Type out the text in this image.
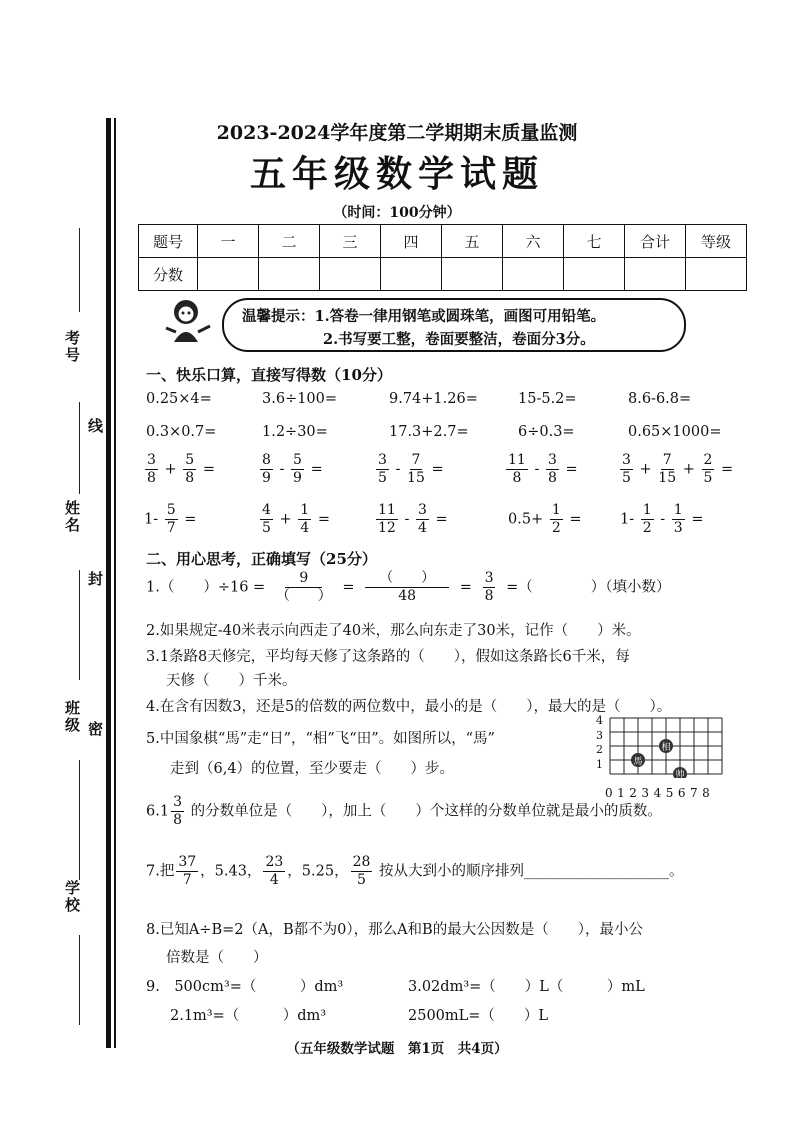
考号
线
姓名
封
班级 密
学校
2023-2024学年度第二学期期末质量监测
五年级数学试题
（时间：100分钟）
题号	一	二	三	四	五	六	七	合计	等级
分数									
温馨提示：1.答卷一律用钢笔或圆珠笔，画图可用铅笔。
2.书写要工整，卷面要整洁，卷面分3分。
一、快乐口算，直接写得数（10分）
0.25×4=	3.6÷100=	9.74+1.26=	15-5.2=	8.6-6.8=
0.3×0.7=	1.2÷30=	17.3+2.7=	6÷0.3=	0.65×1000=
$\frac{3}{8} + \frac{5}{8}$ =	$\frac{8}{9} - \frac{5}{9}$ =	$\frac{3}{5} - \frac{7}{15}$ =	$\frac{11}{8} - \frac{3}{8}$ =	$\frac{3}{5} + \frac{7}{15} + \frac{2}{5}$ =
$1- \frac{5}{7}$ =	$\frac{4}{5} + \frac{1}{4}$ =	$\frac{11}{12} - \frac{3}{4}$ =	$0.5+ \frac{1}{2}$ =	$1- \frac{1}{2} - \frac{1}{3}$ =
二、用心思考，正确填写（25分）
1.（　　）$\div 16 = \frac{9}{( )} = \frac{( )}{48} = \frac{3}{8}$ =（　　　　）（填小数）
2.如果规定-40米表示向西走了40米，那么向东走了30米，记作（　　）米。
3.1条路8天修完，平均每天修了这条路的（　　），假如这条路长6千米，每
天修（　　）千米。
4.在含有因数3，还是5的倍数的两位数中，最小的是（　　），最大的是（　　）。
5.中国象棋“馬”走“日”，“相”飞“田”。如图所以，“馬”
走到（6,4）的位置，至少要走（　　）步。
4
3
2
1	馬
相
帅
012345678
$6.1 \frac{3}{8}$ 的分数单位是（　　），加上（　　）个这样的分数单位就是最小的质数。
7.把 $\frac{37}{7}$ ，5.43， $\frac{23}{4}$ ，5.25， $\frac{28}{5}$ 按从大到小的顺序排列____________________。
8.已知A÷B=2（A，B都不为0），那么A和B的最大公因数是（　　），最小公
倍数是（　　）
9.　500cm³=（　　　）dm³	3.02dm³=（　　）L（　　　）mL
2.1m³=（　　　）dm³	2500mL=（　　）L
（五年级数学试题　第1页　共4页）
